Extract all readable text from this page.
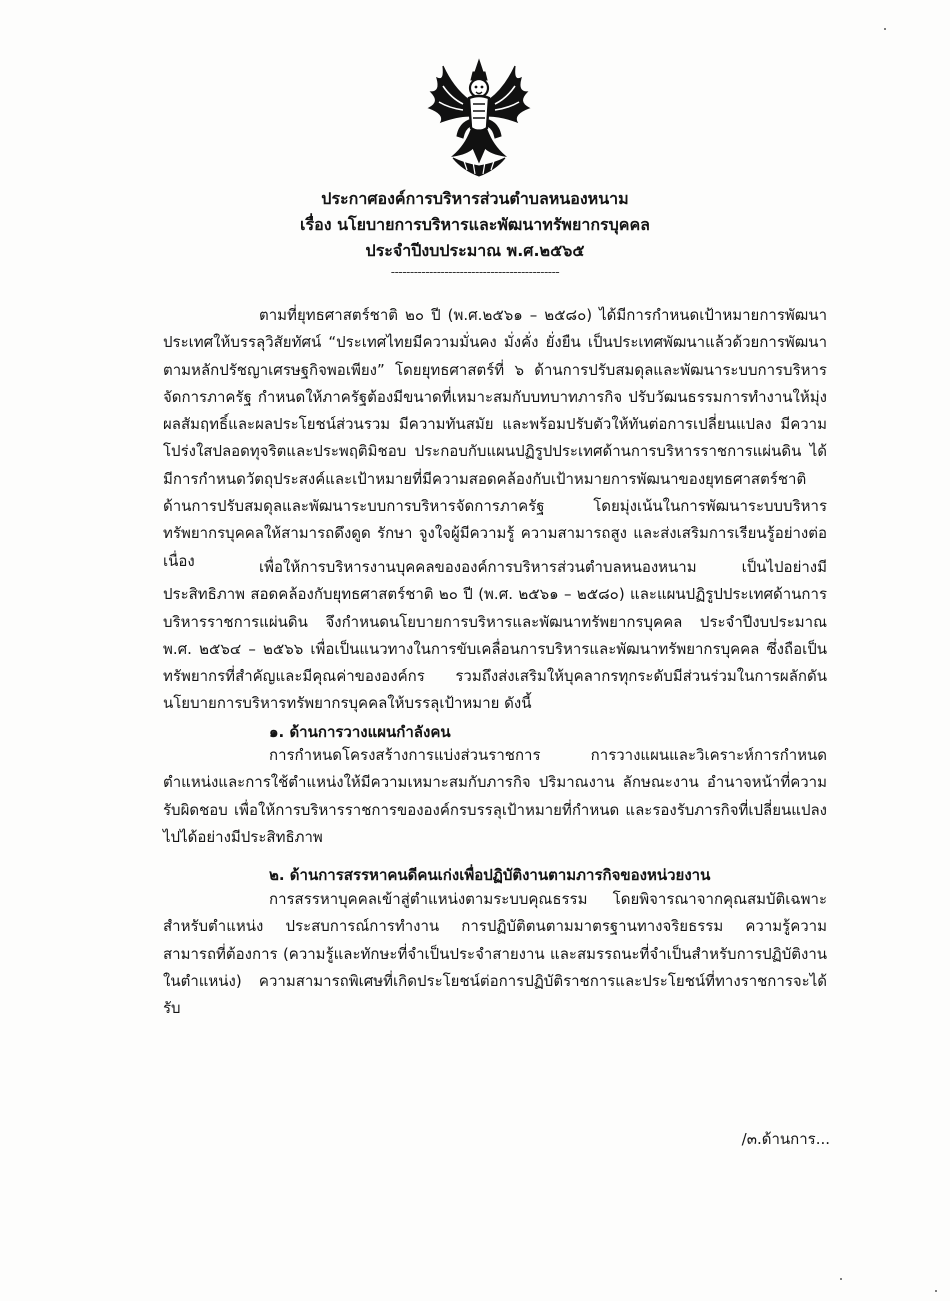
ประกาศองค์การบริหารส่วนตำบลหนองหนาม
เรื่อง นโยบายการบริหารและพัฒนาทรัพยากรบุคคล
ประจำปีงบประมาณ พ.ศ.๒๕๖๕
--------------------------------------------

ตามที่ยุทธศาสตร์ชาติ ๒๐ ปี (พ.ศ.๒๕๖๑ – ๒๕๘๐) ได้มีการกำหนดเป้าหมายการพัฒนาประเทศให้บรรลุวิสัยทัศน์ “ประเทศไทยมีความมั่นคง มั่งคั่ง ยั่งยืน เป็นประเทศพัฒนาแล้วด้วยการพัฒนาตามหลักปรัชญาเศรษฐกิจพอเพียง” โดยยุทธศาสตร์ที่ ๖ ด้านการปรับสมดุลและพัฒนาระบบการบริหารจัดการภาครัฐ กำหนดให้ภาครัฐต้องมีขนาดที่เหมาะสมกับบทบาทภารกิจ ปรับวัฒนธรรมการทำงานให้มุ่งผลสัมฤทธิ์และผลประโยชน์ส่วนรวม มีความทันสมัย และพร้อมปรับตัวให้ทันต่อการเปลี่ยนแปลง มีความโปร่งใสปลอดทุจริตและประพฤติมิชอบ ประกอบกับแผนปฏิรูปประเทศด้านการบริหารราชการแผ่นดิน ได้มีการกำหนดวัตถุประสงค์และเป้าหมายที่มีความสอดคล้องกับเป้าหมายการพัฒนาของยุทธศาสตร์ชาติด้านการปรับสมดุลและพัฒนาระบบการบริหารจัดการภาครัฐ โดยมุ่งเน้นในการพัฒนาระบบบริหารทรัพยากรบุคคลให้สามารถดึงดูด รักษา จูงใจผู้มีความรู้ ความสามารถสูง และส่งเสริมการเรียนรู้อย่างต่อเนื่อง	เพื่อให้การบริหารงานบุคคลขององค์การบริหารส่วนตำบลหนองหนาม เป็นไปอย่างมีประสิทธิภาพ สอดคล้องกับยุทธศาสตร์ชาติ ๒๐ ปี (พ.ศ. ๒๕๖๑ – ๒๕๘๐) และแผนปฏิรูปประเทศด้านการบริหารราชการแผ่นดิน จึงกำหนดนโยบายการบริหารและพัฒนาทรัพยากรบุคคล ประจำปีงบประมาณ พ.ศ. ๒๕๖๔ – ๒๕๖๖ เพื่อเป็นแนวทางในการขับเคลื่อนการบริหารและพัฒนาทรัพยากรบุคคล ซึ่งถือเป็นทรัพยากรที่สำคัญและมีคุณค่าขององค์กร รวมถึงส่งเสริมให้บุคลากรทุกระดับมีส่วนร่วมในการผลักดันนโยบายการบริหารทรัพยากรบุคคลให้บรรลุเป้าหมาย ดังนี้

๑. ด้านการวางแผนกำลังคน

การกำหนดโครงสร้างการแบ่งส่วนราชการ การวางแผนและวิเคราะห์การกำหนดตำแหน่งและการใช้ตำแหน่งให้มีความเหมาะสมกับภารกิจ ปริมาณงาน ลักษณะงาน อำนาจหน้าที่ความรับผิดชอบ เพื่อให้การบริหารราชการขององค์กรบรรลุเป้าหมายที่กำหนด และรองรับภารกิจที่เปลี่ยนแปลงไปได้อย่างมีประสิทธิภาพ

๒. ด้านการสรรหาคนดีคนเก่งเพื่อปฏิบัติงานตามภารกิจของหน่วยงาน

การสรรหาบุคคลเข้าสู่ตำแหน่งตามระบบคุณธรรม โดยพิจารณาจากคุณสมบัติเฉพาะสำหรับตำแหน่ง ประสบการณ์การทำงาน การปฏิบัติตนตามมาตรฐานทางจริยธรรม ความรู้ความสามารถที่ต้องการ (ความรู้และทักษะที่จำเป็นประจำสายงาน และสมรรถนะที่จำเป็นสำหรับการปฏิบัติงานในตำแหน่ง) ความสามารถพิเศษที่เกิดประโยชน์ต่อการปฏิบัติราชการและประโยชน์ที่ทางราชการจะได้รับ

/๓.ด้านการ...
